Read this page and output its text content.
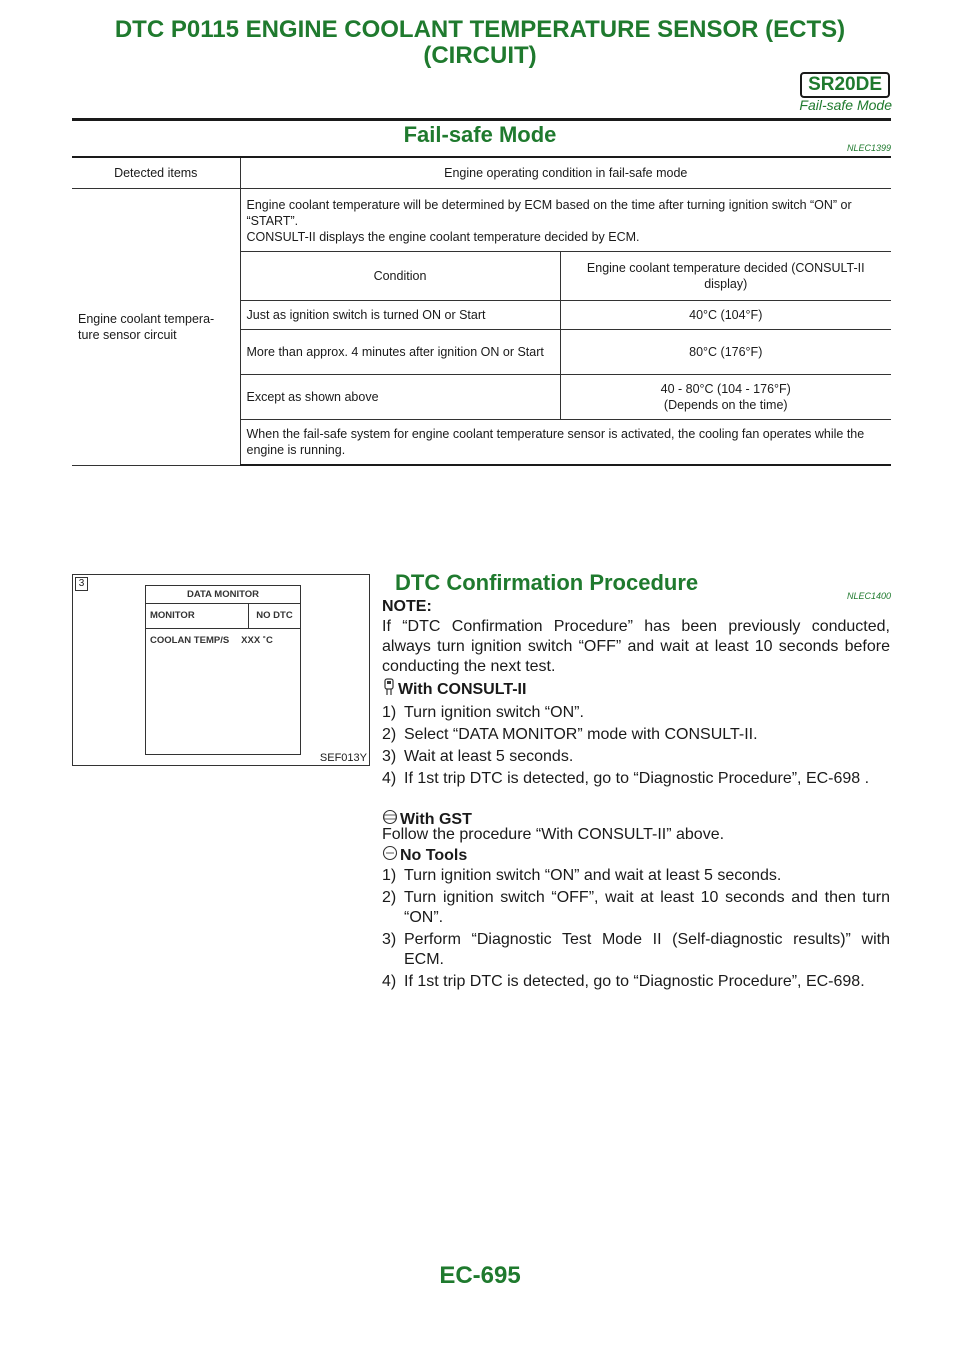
DTC P0115 ENGINE COOLANT TEMPERATURE SENSOR (ECTS)
(CIRCUIT)
SR20DE
Fail-safe Mode
Fail-safe Mode
NLEC1399
Detected items	Engine operating condition in fail-safe mode	
Engine coolant tempera-
ture sensor circuit	Engine coolant temperature will be determined by ECM based on the time after turning ignition switch “ON” or “START”.
CONSULT-II displays the engine coolant temperature decided by ECM.	
	Condition	Engine coolant temperature decided (CONSULT-II display)
	Just as ignition switch is turned ON or Start	40°C (104°F)
	More than approx. 4 minutes after ignition ON or Start	80°C (176°F)
	Except as shown above	40 - 80°C (104 - 176°F)
(Depends on the time)
	When the fail-safe system for engine coolant temperature sensor is activated, the cooling fan operates while the engine is running.	
3
DATA MONITOR
MONITOR	NO DTC
COOLAN TEMP/S XXX ˚C
SEF013Y
DTC Confirmation Procedure
NLEC1400
NOTE:
If “DTC Confirmation Procedure” has been previously conducted, always turn ignition switch “OFF” and wait at least 10 seconds before conducting the next test.
With CONSULT-II
1) Turn ignition switch “ON”.
2) Select “DATA MONITOR” mode with CONSULT-II.
3) Wait at least 5 seconds.
4) If 1st trip DTC is detected, go to “Diagnostic Procedure”, EC-698 .
With GST
Follow the procedure “With CONSULT-II” above.
No Tools
1) Turn ignition switch “ON” and wait at least 5 seconds.
2) Turn ignition switch “OFF”, wait at least 10 seconds and then turn “ON”.
3) Perform “Diagnostic Test Mode II (Self-diagnostic results)” with ECM.
4) If 1st trip DTC is detected, go to “Diagnostic Procedure”, EC-698.
EC-695
